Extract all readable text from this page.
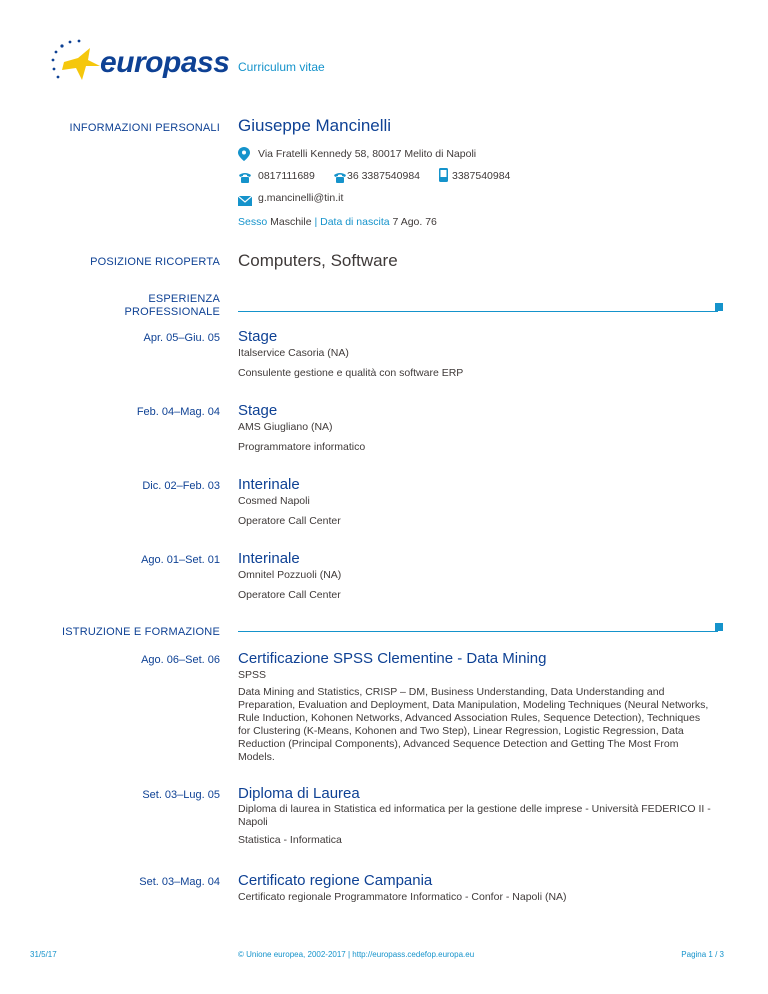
europass Curriculum vitae
INFORMAZIONI PERSONALI Giuseppe Mancinelli
Via Fratelli Kennedy 58, 80017 Melito di Napoli
0817111689	36 3387540984	3387540984
g.mancinelli@tin.it
Sesso Maschile | Data di nascita 7 Ago. 76
POSIZIONE RICOPERTA Computers, Software
ESPERIENZA
PROFESSIONALE
Apr. 05–Giu. 05 Stage
Italservice Casoria (NA)
Consulente gestione e qualità con software ERP
Feb. 04–Mag. 04 Stage
AMS Giugliano (NA)
Programmatore informatico
Dic. 02–Feb. 03 Interinale
Cosmed Napoli
Operatore Call Center
Ago. 01–Set. 01 Interinale
Omnitel Pozzuoli (NA)
Operatore Call Center
ISTRUZIONE E FORMAZIONE
Ago. 06–Set. 06 Certificazione SPSS Clementine - Data Mining
SPSS
Data Mining and Statistics, CRISP – DM, Business Understanding, Data Understanding and
Preparation, Evaluation and Deployment, Data Manipulation, Modeling Techniques (Neural Networks,
Rule Induction, Kohonen Networks, Advanced Association Rules, Sequence Detection), Techniques
for Clustering (K-Means, Kohonen and Two Step), Linear Regression, Logistic Regression, Data
Reduction (Principal Components), Advanced Sequence Detection and Getting The Most From
Models.
Set. 03–Lug. 05 Diploma di Laurea
Diploma di laurea in Statistica ed informatica per la gestione delle imprese - Università FEDERICO II -
Napoli
Statistica - Informatica
Set. 03–Mag. 04 Certificato regione Campania
Certificato regionale Programmatore Informatico - Confor - Napoli (NA)
31/5/17	© Unione europea, 2002-2017 | http://europass.cedefop.europa.eu	Pagina 1 / 3
